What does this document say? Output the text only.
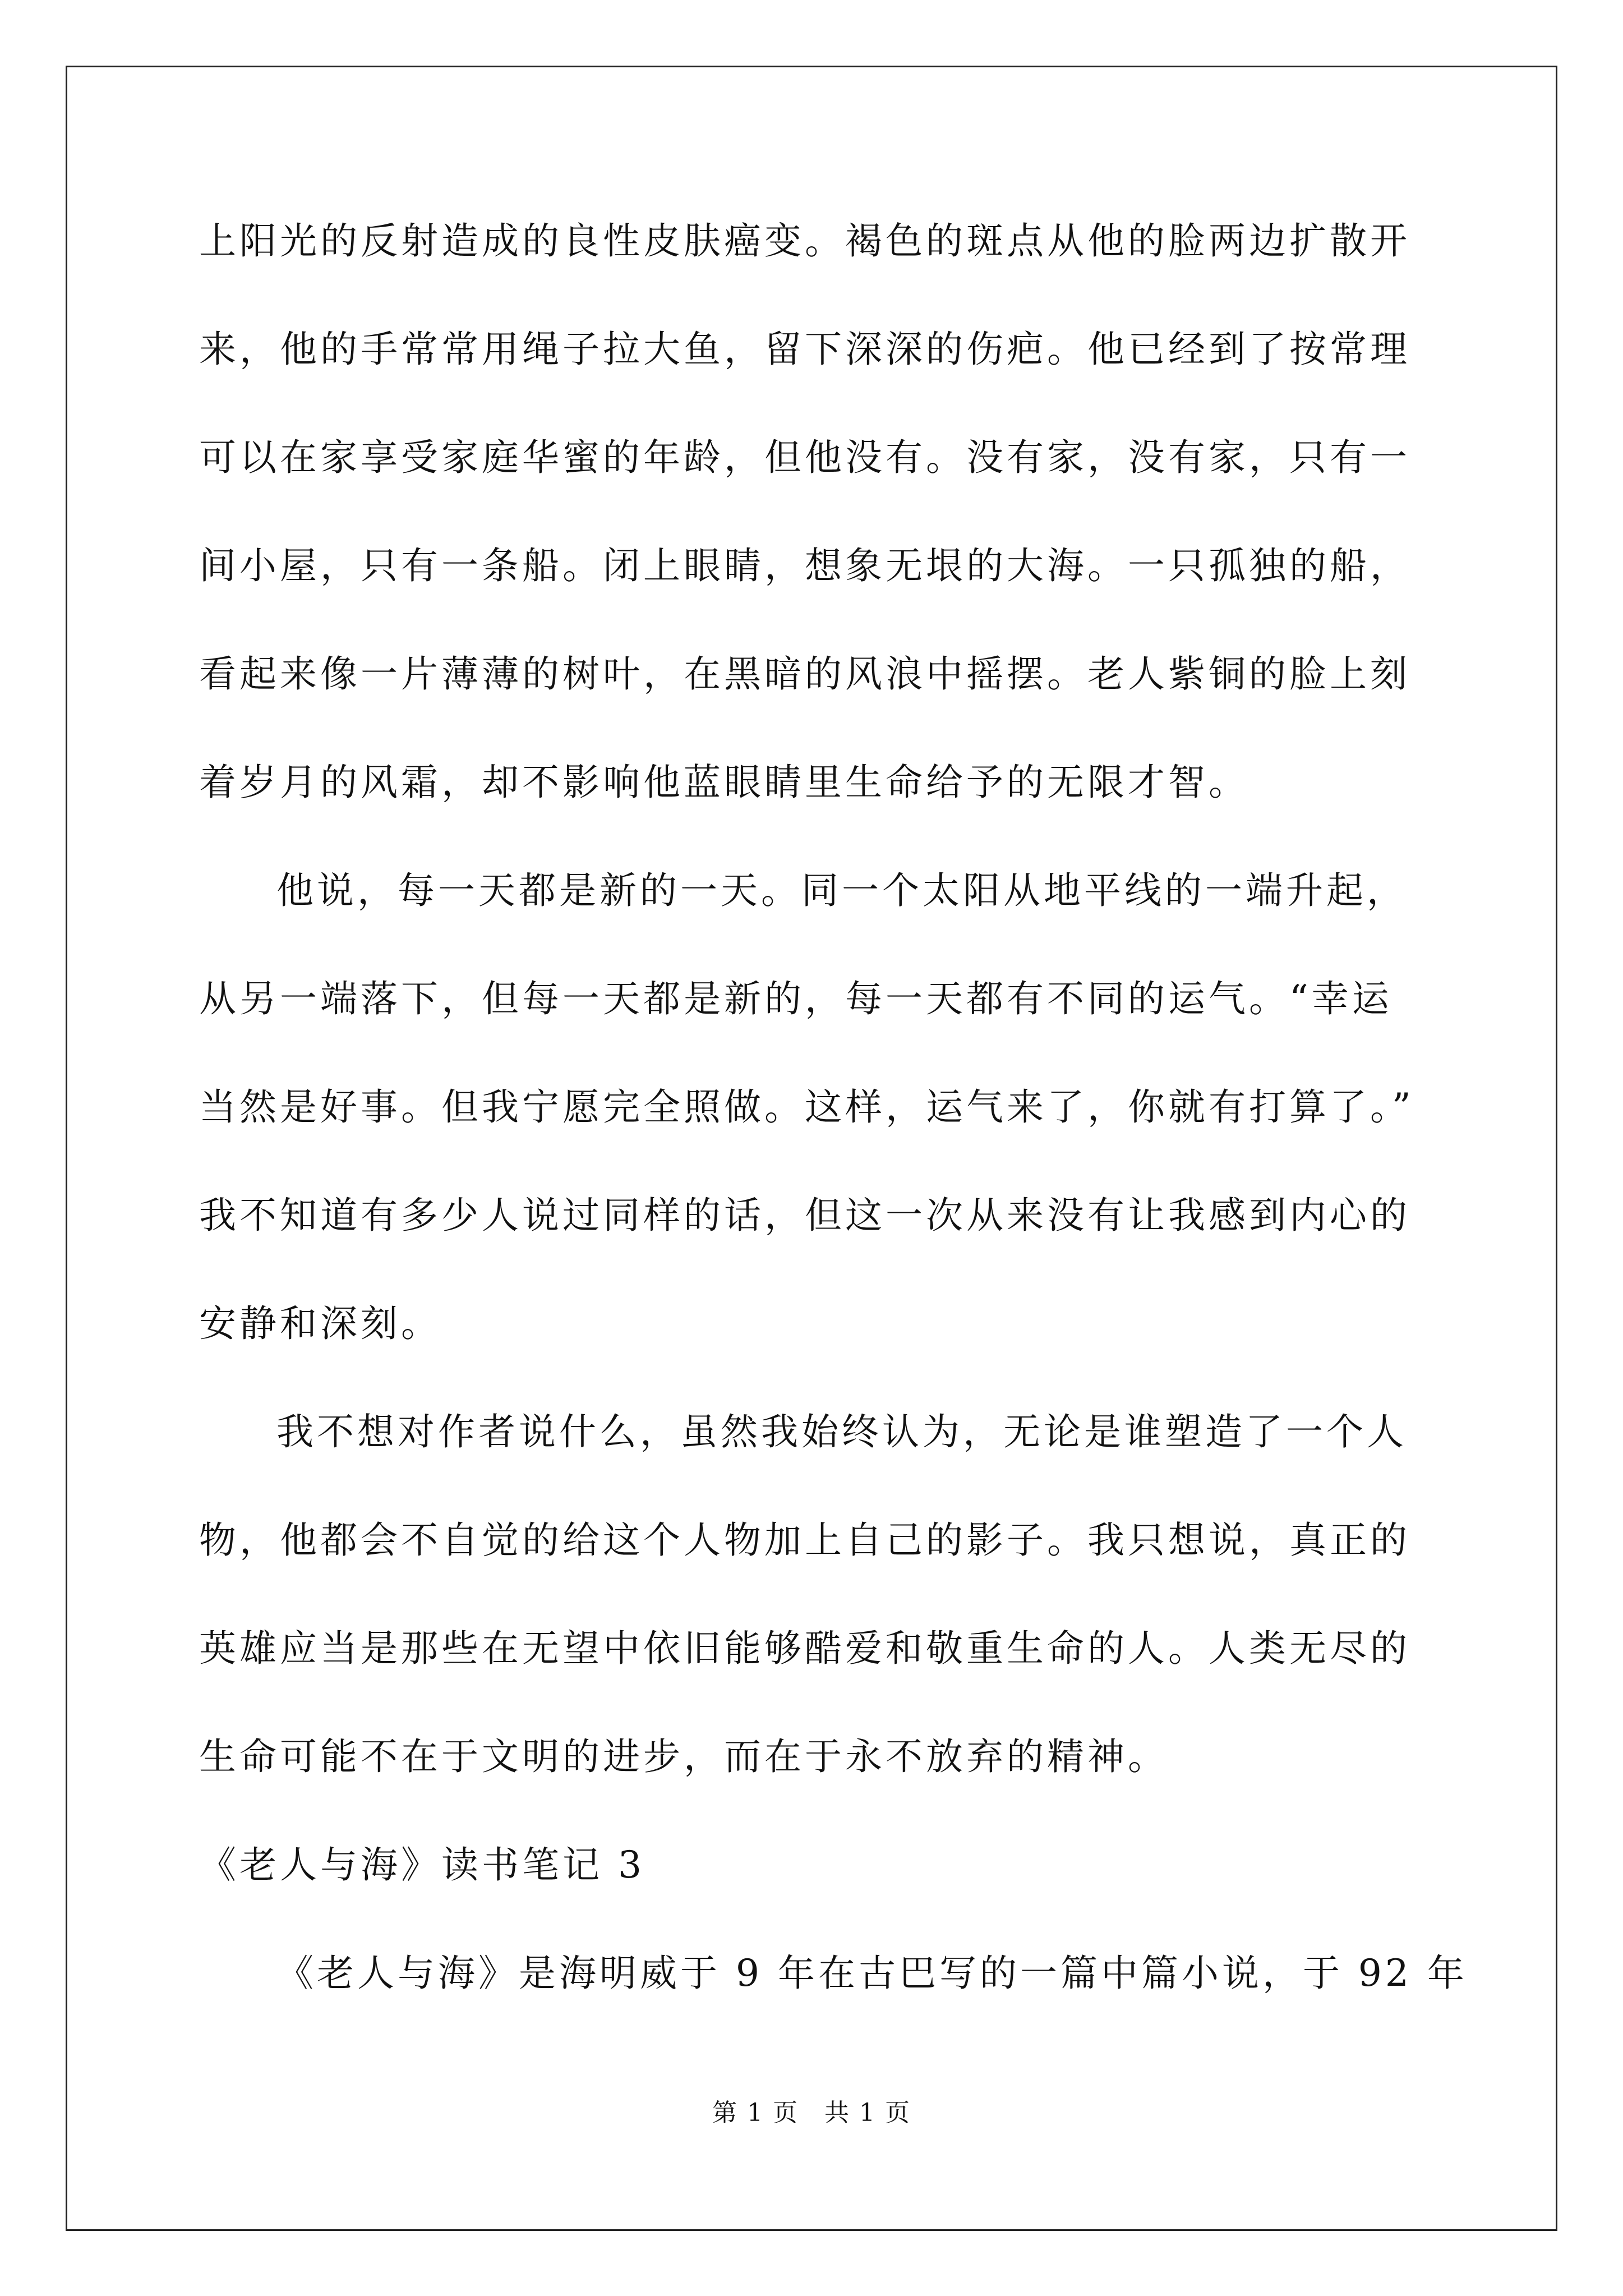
上阳光的反射造成的良性皮肤癌变。褐色的斑点从他的脸两边扩散开
来，他的手常常用绳子拉大鱼，留下深深的伤疤。他已经到了按常理
可以在家享受家庭华蜜的年龄，但他没有。没有家，没有家，只有一
间小屋，只有一条船。闭上眼睛，想象无垠的大海。一只孤独的船，
看起来像一片薄薄的树叶，在黑暗的风浪中摇摆。老人紫铜的脸上刻
着岁月的风霜，却不影响他蓝眼睛里生命给予的无限才智。
他说，每一天都是新的一天。同一个太阳从地平线的一端升起，
从另一端落下，但每一天都是新的，每一天都有不同的运气。“幸运
当然是好事。但我宁愿完全照做。这样，运气来了，你就有打算了。”
我不知道有多少人说过同样的话，但这一次从来没有让我感到内心的
安静和深刻。
我不想对作者说什么，虽然我始终认为，无论是谁塑造了一个人
物，他都会不自觉的给这个人物加上自己的影子。我只想说，真正的
英雄应当是那些在无望中依旧能够酷爱和敬重生命的人。人类无尽的
生命可能不在于文明的进步，而在于永不放弃的精神。
《老人与海》读书笔记 3
《老人与海》是海明威于 9 年在古巴写的一篇中篇小说，于 92 年
第 1 页　共 1 页
